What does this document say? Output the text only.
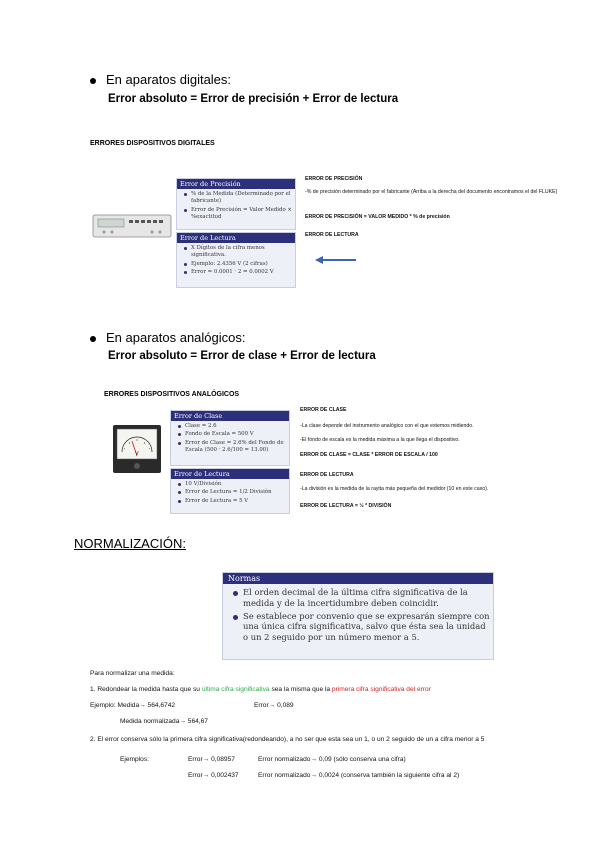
En aparatos digitales:
Error absoluto = Error de precisión + Error de lectura
ERRORES DISPOSITIVOS DIGITALES
Error de Precisión
% de la Medida (Determinado por el fabricante)
Error de Precisión = Valor Medido × %exactitud
Error de Lectura
X Dígitos de la cifra menos significativa.
Ejemplo: 2.4356 V (2 cifras)
Error = 0.0001 · 2 = 0.0002 V
ERROR DE PRECISIÓN
-% de precisión determinado por el fabricante (Arriba a la derecha del documento encontramos el del FLUKE)
ERROR DE PRECISIÓN = VALOR MEDIDO * % de precisión
ERROR DE LECTURA
En aparatos analógicos:
Error absoluto = Error de clase + Error de lectura
ERRORES DISPOSITIVOS ANALÓGICOS
V
Error de Clase
Clase = 2.6
Fondo de Escala = 500 V
Error de Clase = 2.6% del Fondo de Escala (500 · 2.6/100 = 13.00)
Error de Lectura
10 V/División
Error de Lectura = 1/2 División
Error de Lectura = 5 V
ERROR DE CLASE
-La clase depende del instrumento analógico con el que estemos midiendo.
-El fondo de escala es la medida máxima a la que llega el dispositivo.
ERROR DE CLASE = CLASE * ERROR DE ESCALA / 100
ERROR DE LECTURA
-La división es la medida de la rayita más pequeña del medidor (10 en este caso).
ERROR DE LECTURA = ½ * DIVISIÓN
NORMALIZACIÓN:
Normas
El orden decimal de la última cifra significativa de la medida y de la incertidumbre deben coincidir.
Se establece por convenio que se expresarán siempre con una única cifra significativa, salvo que ésta sea la unidad o un 2 seguido por un número menor a 5.
Para normalizar una medida:
1. Redondear la medida hasta que su última cifra significativa sea la misma que la primera cifra significativa del error
Ejemplo: Medida→ 564,6742	Error→ 0,089
Medida normalizada→ 564,67
2. El error conserva sólo la primera cifra significativa(redondeando), a no ser que esta sea un 1, o un 2 seguido de un a cifra menor a 5
Ejemplos:	Error→ 0,08957	Error normalizado→ 0,09 (sólo conserva una cifra)
Error→ 0,002437	Error normalizado→ 0,0024 (conserva también la siguiente cifra al 2)
